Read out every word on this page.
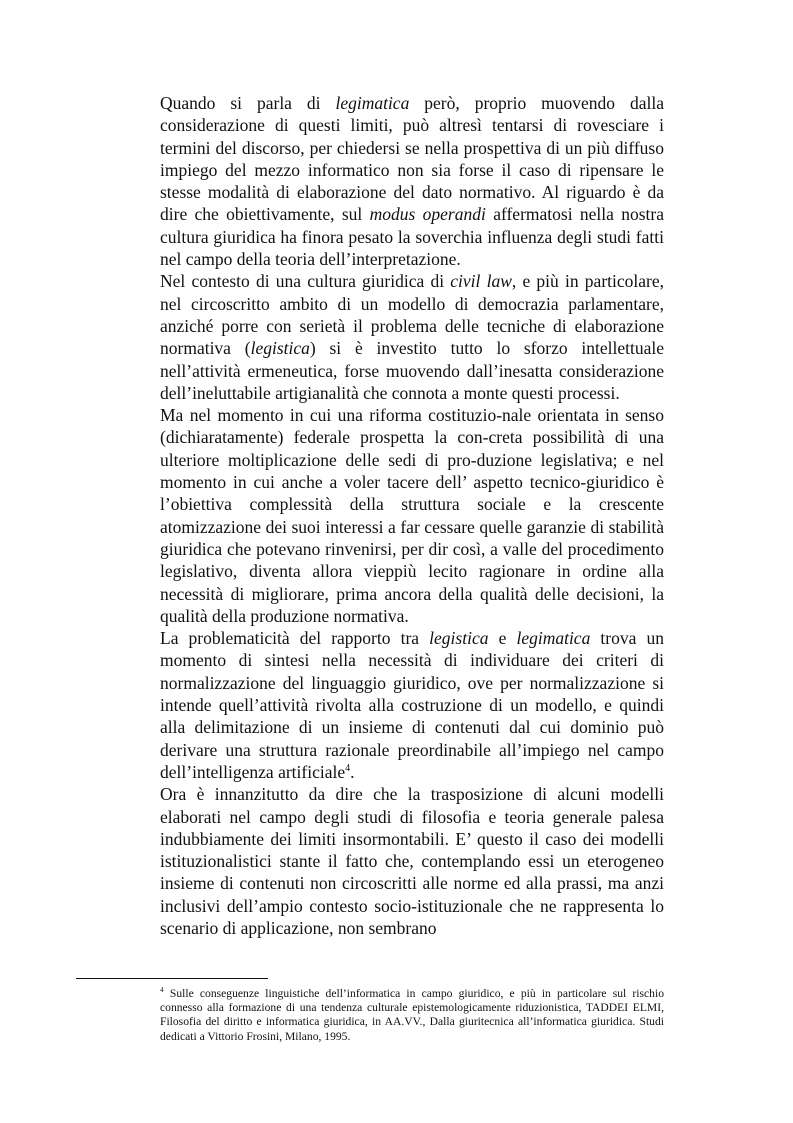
Quando si parla di legimatica però, proprio muovendo dalla considerazione di questi limiti, può altresì tentarsi di rovesciare i termini del discorso, per chiedersi se nella prospettiva di un più diffuso impiego del mezzo informatico non sia forse il caso di ripensare le stesse modalità di elaborazione del dato normativo. Al riguardo è da dire che obiettivamente, sul modus operandi affermatosi nella nostra cultura giuridica ha finora pesato la soverchia influenza degli studi fatti nel campo della teoria dell’interpretazione.

Nel contesto di una cultura giuridica di civil law, e più in particolare, nel circoscritto ambito di un modello di democrazia parlamentare, anziché porre con serietà il problema delle tecniche di elaborazione normativa (legistica) si è investito tutto lo sforzo intellettuale nell’attività ermeneutica, forse muovendo dall’inesatta considerazione dell’ineluttabile artigianalità che connota a monte questi processi.

Ma nel momento in cui una riforma costituzio-nale orientata in senso (dichiaratamente) federale prospetta la con-creta possibilità di una ulteriore moltiplicazione delle sedi di pro-duzione legislativa; e nel momento in cui anche a voler tacere dell’ aspetto tecnico-giuridico è l’obiettiva complessità della struttura sociale e la crescente atomizzazione dei suoi interessi a far cessare quelle garanzie di stabilità giuridica che potevano rinvenirsi, per dir così, a valle del procedimento legislativo, diventa allora vieppiù lecito ragionare in ordine alla necessità di migliorare, prima ancora della qualità delle decisioni, la qualità della produzione normativa.

La problematicità del rapporto tra legistica e legimatica trova un momento di sintesi nella necessità di individuare dei criteri di normalizzazione del linguaggio giuridico, ove per normalizzazione si intende quell’attività rivolta alla costruzione di un modello, e quindi alla delimitazione di un insieme di contenuti dal cui dominio può derivare una struttura razionale preordinabile all’impiego nel campo dell’intelligenza artificiale$^4$.

Ora è innanzitutto da dire che la trasposizione di alcuni modelli elaborati nel campo degli studi di filosofia e teoria generale palesa indubbiamente dei limiti insormontabili. E’ questo il caso dei modelli istituzionalistici stante il fatto che, contemplando essi un eterogeneo insieme di contenuti non circoscritti alle norme ed alla prassi, ma anzi inclusivi dell’ampio contesto socio-istituzionale che ne rappresenta lo scenario di applicazione, non sembrano

$^4$ Sulle conseguenze linguistiche dell’informatica in campo giuridico, e più in particolare sul rischio connesso alla formazione di una tendenza culturale epistemologicamente riduzionistica, TADDEI ELMI, Filosofia del diritto e informatica giuridica, in AA.VV., Dalla giuritecnica all’informatica giuridica. Studi dedicati a Vittorio Frosini, Milano, 1995.
